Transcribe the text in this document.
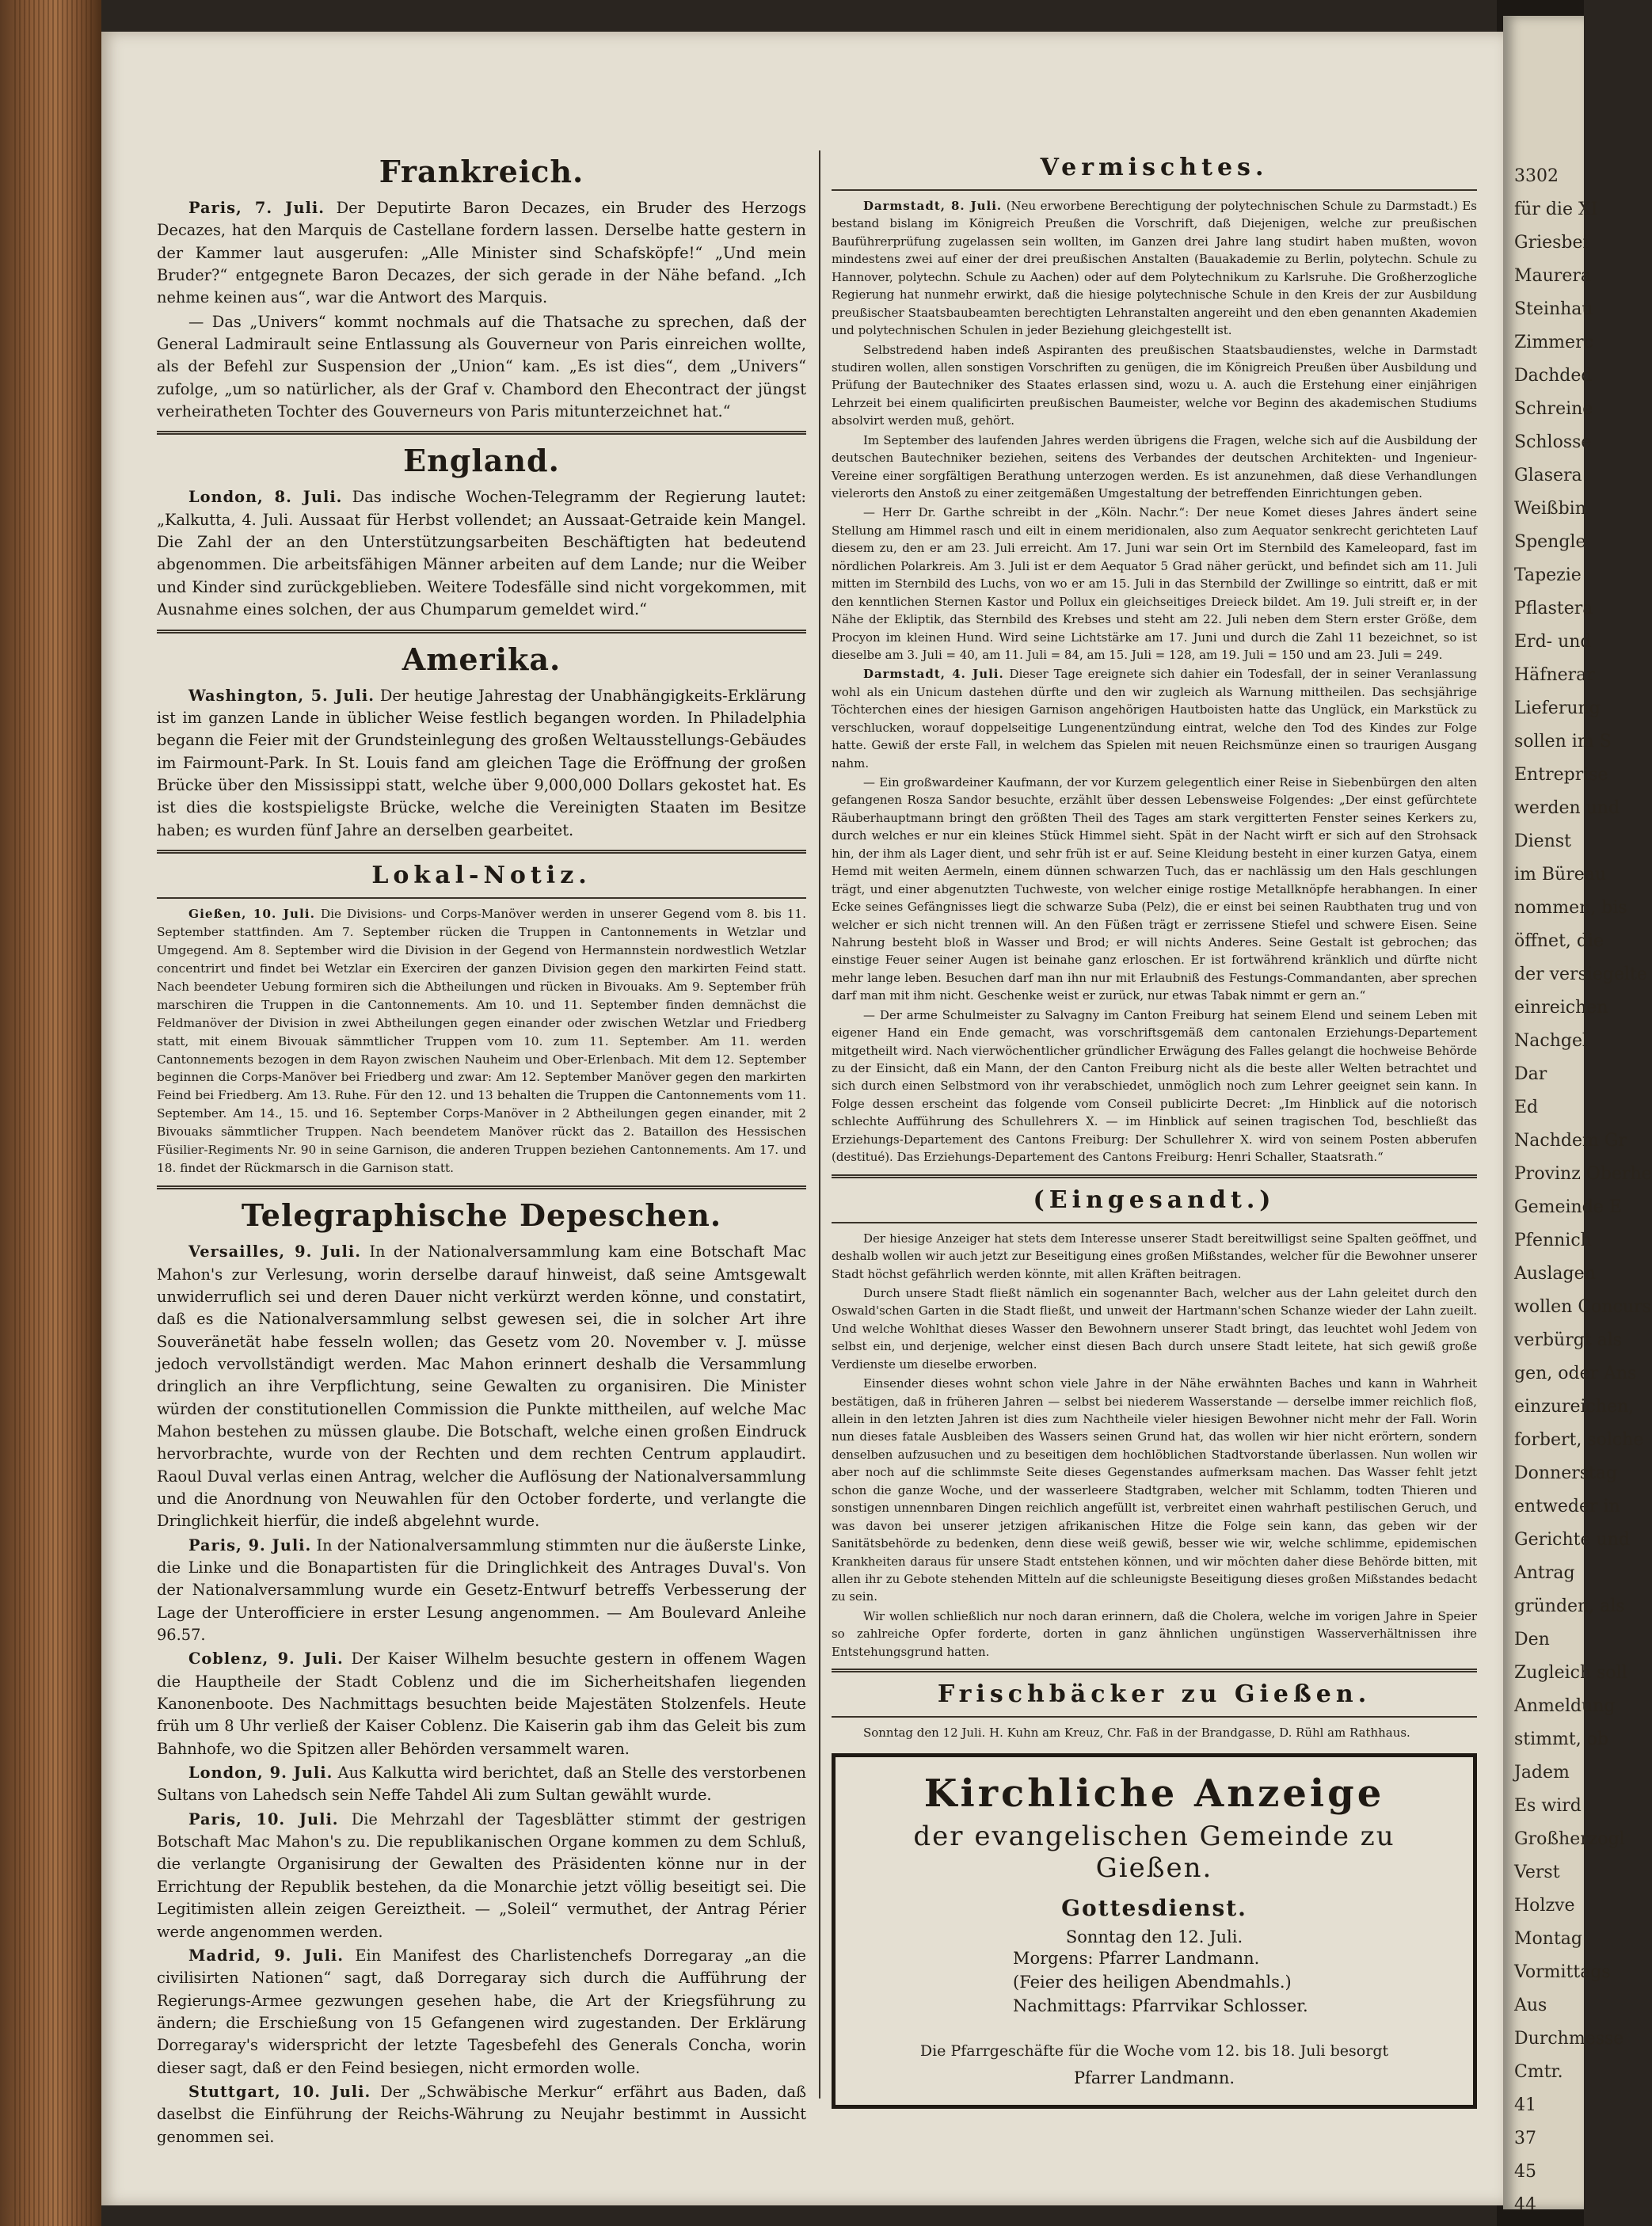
3302
für die XI
Griesbei
Maurera
Steinhau
Zimmerc
Dachded
Schreine
Schlosse
Glasera
Weißbin
Spengle
Tapezie
Pflastera
Erd- und
Häfnerar
Lieferung
sollen im S
Entreprise
werden und
Dienst
im Büreau
nommen, bis
öffnet, die
der versiegelte
einreichen
Nachgel
Dar
Ed
Nachdem Gr
Provinz Oberhe
Gemeinde E
Pfennich
Auslagen
wollen Concurs
verbürgt als
gen, oder Ans
einzureichen,
forbert, solche
Donnerstag
entweder in
Gerichte und
Antrag
gründen, als
Den
Zugleich soll
Anmeldung
stimmt, ob
Jadem
Es wird
Großherzogl
Verst
Holzve
Montag
Vormittags
Aus
Durchmesse
Cmtr.
41
37
45
44
Frankreich.

Paris, 7. Juli. Der Deputirte Baron Decazes, ein Bruder des Herzogs Decazes, hat den Marquis de Castellane fordern lassen. Derselbe hatte gestern in der Kammer laut ausgerufen: „Alle Minister sind Schafsköpfe!“ „Und mein Bruder?“ entgegnete Baron Decazes, der sich gerade in der Nähe befand. „Ich nehme keinen aus“, war die Antwort des Marquis.

— Das „Univers“ kommt nochmals auf die Thatsache zu sprechen, daß der General Ladmirault seine Entlassung als Gouverneur von Paris einreichen wollte, als der Befehl zur Suspension der „Union“ kam. „Es ist dies“, dem „Univers“ zufolge, „um so natürlicher, als der Graf v. Chambord den Ehecontract der jüngst verheiratheten Tochter des Gouverneurs von Paris mitunterzeichnet hat.“

England.

London, 8. Juli. Das indische Wochen-Telegramm der Regierung lautet: „Kalkutta, 4. Juli. Aussaat für Herbst vollendet; an Aussaat-Getraide kein Mangel. Die Zahl der an den Unterstützungsarbeiten Beschäftigten hat bedeutend abgenommen. Die arbeitsfähigen Männer arbeiten auf dem Lande; nur die Weiber und Kinder sind zurückgeblieben. Weitere Todesfälle sind nicht vorgekommen, mit Ausnahme eines solchen, der aus Chumparum gemeldet wird.“

Amerika.

Washington, 5. Juli. Der heutige Jahrestag der Unabhängigkeits-Erklärung ist im ganzen Lande in üblicher Weise festlich begangen worden. In Philadelphia begann die Feier mit der Grundsteinlegung des großen Weltausstellungs-Gebäudes im Fairmount-Park. In St. Louis fand am gleichen Tage die Eröffnung der großen Brücke über den Mississippi statt, welche über 9,000,000 Dollars gekostet hat. Es ist dies die kostspieligste Brücke, welche die Vereinigten Staaten im Besitze haben; es wurden fünf Jahre an derselben gearbeitet.

Lokal-Notiz.

Gießen, 10. Juli. Die Divisions- und Corps-Manöver werden in unserer Gegend vom 8. bis 11. September stattfinden. Am 7. September rücken die Truppen in Cantonnements in Wetzlar und Umgegend. Am 8. September wird die Division in der Gegend von Hermannstein nordwestlich Wetzlar concentrirt und findet bei Wetzlar ein Exerciren der ganzen Division gegen den markirten Feind statt. Nach beendeter Uebung formiren sich die Abtheilungen und rücken in Bivouaks. Am 9. September früh marschiren die Truppen in die Cantonnements. Am 10. und 11. September finden demnächst die Feldmanöver der Division in zwei Abtheilungen gegen einander oder zwischen Wetzlar und Friedberg statt, mit einem Bivouak sämmtlicher Truppen vom 10. zum 11. September. Am 11. werden Cantonnements bezogen in dem Rayon zwischen Nauheim und Ober-Erlenbach. Mit dem 12. September beginnen die Corps-Manöver bei Friedberg und zwar: Am 12. September Manöver gegen den markirten Feind bei Friedberg. Am 13. Ruhe. Für den 12. und 13 behalten die Truppen die Cantonnements vom 11. September. Am 14., 15. und 16. September Corps-Manöver in 2 Abtheilungen gegen einander, mit 2 Bivouaks sämmtlicher Truppen. Nach beendetem Manöver rückt das 2. Bataillon des Hessischen Füsilier-Regiments Nr. 90 in seine Garnison, die anderen Truppen beziehen Cantonnements. Am 17. und 18. findet der Rückmarsch in die Garnison statt.

Telegraphische Depeschen.

Versailles, 9. Juli. In der Nationalversammlung kam eine Botschaft Mac Mahon's zur Verlesung, worin derselbe darauf hinweist, daß seine Amtsgewalt unwiderruflich sei und deren Dauer nicht verkürzt werden könne, und constatirt, daß es die Nationalversammlung selbst gewesen sei, die in solcher Art ihre Souveränetät habe fesseln wollen; das Gesetz vom 20. November v. J. müsse jedoch vervollständigt werden. Mac Mahon erinnert deshalb die Versammlung dringlich an ihre Verpflichtung, seine Gewalten zu organisiren. Die Minister würden der constitutionellen Commission die Punkte mittheilen, auf welche Mac Mahon bestehen zu müssen glaube. Die Botschaft, welche einen großen Eindruck hervorbrachte, wurde von der Rechten und dem rechten Centrum applaudirt. Raoul Duval verlas einen Antrag, welcher die Auflösung der Nationalversammlung und die Anordnung von Neuwahlen für den October forderte, und verlangte die Dringlichkeit hierfür, die indeß abgelehnt wurde.

Paris, 9. Juli. In der Nationalversammlung stimmten nur die äußerste Linke, die Linke und die Bonapartisten für die Dringlichkeit des Antrages Duval's. Von der Nationalversammlung wurde ein Gesetz-Entwurf betreffs Verbesserung der Lage der Unterofficiere in erster Lesung angenommen. — Am Boulevard Anleihe 96.57.

Coblenz, 9. Juli. Der Kaiser Wilhelm besuchte gestern in offenem Wagen die Hauptheile der Stadt Coblenz und die im Sicherheitshafen liegenden Kanonenboote. Des Nachmittags besuchten beide Majestäten Stolzenfels. Heute früh um 8 Uhr verließ der Kaiser Coblenz. Die Kaiserin gab ihm das Geleit bis zum Bahnhofe, wo die Spitzen aller Behörden versammelt waren.

London, 9. Juli. Aus Kalkutta wird berichtet, daß an Stelle des verstorbenen Sultans von Lahedsch sein Neffe Tahdel Ali zum Sultan gewählt wurde.

Paris, 10. Juli. Die Mehrzahl der Tagesblätter stimmt der gestrigen Botschaft Mac Mahon's zu. Die republikanischen Organe kommen zu dem Schluß, die verlangte Organisirung der Gewalten des Präsidenten könne nur in der Errichtung der Republik bestehen, da die Monarchie jetzt völlig beseitigt sei. Die Legitimisten allein zeigen Gereiztheit. — „Soleil“ vermuthet, der Antrag Périer werde angenommen werden.

Madrid, 9. Juli. Ein Manifest des Charlistenchefs Dorregaray „an die civilisirten Nationen“ sagt, daß Dorregaray sich durch die Aufführung der Regierungs-Armee gezwungen gesehen habe, die Art der Kriegsführung zu ändern; die Erschießung von 15 Gefangenen wird zugestanden. Der Erklärung Dorregaray's widerspricht der letzte Tagesbefehl des Generals Concha, worin dieser sagt, daß er den Feind besiegen, nicht ermorden wolle.

Stuttgart, 10. Juli. Der „Schwäbische Merkur“ erfährt aus Baden, daß daselbst die Einführung der Reichs-Währung zu Neujahr bestimmt in Aussicht genommen sei.

Vermischtes.

Darmstadt, 8. Juli. (Neu erworbene Berechtigung der polytechnischen Schule zu Darmstadt.) Es bestand bislang im Königreich Preußen die Vorschrift, daß Diejenigen, welche zur preußischen Bauführerprüfung zugelassen sein wollten, im Ganzen drei Jahre lang studirt haben mußten, wovon mindestens zwei auf einer der drei preußischen Anstalten (Bauakademie zu Berlin, polytechn. Schule zu Hannover, polytechn. Schule zu Aachen) oder auf dem Polytechnikum zu Karlsruhe. Die Großherzogliche Regierung hat nunmehr erwirkt, daß die hiesige polytechnische Schule in den Kreis der zur Ausbildung preußischer Staatsbaubeamten berechtigten Lehranstalten angereiht und den eben genannten Akademien und polytechnischen Schulen in jeder Beziehung gleichgestellt ist.

Selbstredend haben indeß Aspiranten des preußischen Staatsbaudienstes, welche in Darmstadt studiren wollen, allen sonstigen Vorschriften zu genügen, die im Königreich Preußen über Ausbildung und Prüfung der Bautechniker des Staates erlassen sind, wozu u. A. auch die Erstehung einer einjährigen Lehrzeit bei einem qualificirten preußischen Baumeister, welche vor Beginn des akademischen Studiums absolvirt werden muß, gehört.

Im September des laufenden Jahres werden übrigens die Fragen, welche sich auf die Ausbildung der deutschen Bautechniker beziehen, seitens des Verbandes der deutschen Architekten- und Ingenieur-Vereine einer sorgfältigen Berathung unterzogen werden. Es ist anzunehmen, daß diese Verhandlungen vielerorts den Anstoß zu einer zeitgemäßen Umgestaltung der betreffenden Einrichtungen geben.

— Herr Dr. Garthe schreibt in der „Köln. Nachr.“: Der neue Komet dieses Jahres ändert seine Stellung am Himmel rasch und eilt in einem meridionalen, also zum Aequator senkrecht gerichteten Lauf diesem zu, den er am 23. Juli erreicht. Am 17. Juni war sein Ort im Sternbild des Kameleopard, fast im nördlichen Polarkreis. Am 3. Juli ist er dem Aequator 5 Grad näher gerückt, und befindet sich am 11. Juli mitten im Sternbild des Luchs, von wo er am 15. Juli in das Sternbild der Zwillinge so eintritt, daß er mit den kenntlichen Sternen Kastor und Pollux ein gleichseitiges Dreieck bildet. Am 19. Juli streift er, in der Nähe der Ekliptik, das Sternbild des Krebses und steht am 22. Juli neben dem Stern erster Größe, dem Procyon im kleinen Hund. Wird seine Lichtstärke am 17. Juni und durch die Zahl 11 bezeichnet, so ist dieselbe am 3. Juli = 40, am 11. Juli = 84, am 15. Juli = 128, am 19. Juli = 150 und am 23. Juli = 249.

Darmstadt, 4. Juli. Dieser Tage ereignete sich dahier ein Todesfall, der in seiner Veranlassung wohl als ein Unicum dastehen dürfte und den wir zugleich als Warnung mittheilen. Das sechsjährige Töchterchen eines der hiesigen Garnison angehörigen Hautboisten hatte das Unglück, ein Markstück zu verschlucken, worauf doppelseitige Lungenentzündung eintrat, welche den Tod des Kindes zur Folge hatte. Gewiß der erste Fall, in welchem das Spielen mit neuen Reichsmünze einen so traurigen Ausgang nahm.

— Ein großwardeiner Kaufmann, der vor Kurzem gelegentlich einer Reise in Siebenbürgen den alten gefangenen Rosza Sandor besuchte, erzählt über dessen Lebensweise Folgendes: „Der einst gefürchtete Räuberhauptmann bringt den größten Theil des Tages am stark vergitterten Fenster seines Kerkers zu, durch welches er nur ein kleines Stück Himmel sieht. Spät in der Nacht wirft er sich auf den Strohsack hin, der ihm als Lager dient, und sehr früh ist er auf. Seine Kleidung besteht in einer kurzen Gatya, einem Hemd mit weiten Aermeln, einem dünnen schwarzen Tuch, das er nachlässig um den Hals geschlungen trägt, und einer abgenutzten Tuchweste, von welcher einige rostige Metallknöpfe herabhangen. In einer Ecke seines Gefängnisses liegt die schwarze Suba (Pelz), die er einst bei seinen Raubthaten trug und von welcher er sich nicht trennen will. An den Füßen trägt er zerrissene Stiefel und schwere Eisen. Seine Nahrung besteht bloß in Wasser und Brod; er will nichts Anderes. Seine Gestalt ist gebrochen; das einstige Feuer seiner Augen ist beinahe ganz erloschen. Er ist fortwährend kränklich und dürfte nicht mehr lange leben. Besuchen darf man ihn nur mit Erlaubniß des Festungs-Commandanten, aber sprechen darf man mit ihm nicht. Geschenke weist er zurück, nur etwas Tabak nimmt er gern an.“

— Der arme Schulmeister zu Salvagny im Canton Freiburg hat seinem Elend und seinem Leben mit eigener Hand ein Ende gemacht, was vorschriftsgemäß dem cantonalen Erziehungs-Departement mitgetheilt wird. Nach vierwöchentlicher gründlicher Erwägung des Falles gelangt die hochweise Behörde zu der Einsicht, daß ein Mann, der den Canton Freiburg nicht als die beste aller Welten betrachtet und sich durch einen Selbstmord von ihr verabschiedet, unmöglich noch zum Lehrer geeignet sein kann. In Folge dessen erscheint das folgende vom Conseil publicirte Decret: „Im Hinblick auf die notorisch schlechte Aufführung des Schullehrers X. — im Hinblick auf seinen tragischen Tod, beschließt das Erziehungs-Departement des Cantons Freiburg: Der Schullehrer X. wird von seinem Posten abberufen (destitué). Das Erziehungs-Departement des Cantons Freiburg: Henri Schaller, Staatsrath.“

(Eingesandt.)

Der hiesige Anzeiger hat stets dem Interesse unserer Stadt bereitwilligst seine Spalten geöffnet, und deshalb wollen wir auch jetzt zur Beseitigung eines großen Mißstandes, welcher für die Bewohner unserer Stadt höchst gefährlich werden könnte, mit allen Kräften beitragen.

Durch unsere Stadt fließt nämlich ein sogenannter Bach, welcher aus der Lahn geleitet durch den Oswald'schen Garten in die Stadt fließt, und unweit der Hartmann'schen Schanze wieder der Lahn zueilt. Und welche Wohlthat dieses Wasser den Bewohnern unserer Stadt bringt, das leuchtet wohl Jedem von selbst ein, und derjenige, welcher einst diesen Bach durch unsere Stadt leitete, hat sich gewiß große Verdienste um dieselbe erworben.

Einsender dieses wohnt schon viele Jahre in der Nähe erwähnten Baches und kann in Wahrheit bestätigen, daß in früheren Jahren — selbst bei niederem Wasserstande — derselbe immer reichlich floß, allein in den letzten Jahren ist dies zum Nachtheile vieler hiesigen Bewohner nicht mehr der Fall. Worin nun dieses fatale Ausbleiben des Wassers seinen Grund hat, das wollen wir hier nicht erörtern, sondern denselben aufzusuchen und zu beseitigen dem hochlöblichen Stadtvorstande überlassen. Nun wollen wir aber noch auf die schlimmste Seite dieses Gegenstandes aufmerksam machen. Das Wasser fehlt jetzt schon die ganze Woche, und der wasserleere Stadtgraben, welcher mit Schlamm, todten Thieren und sonstigen unnennbaren Dingen reichlich angefüllt ist, verbreitet einen wahrhaft pestilischen Geruch, und was davon bei unserer jetzigen afrikanischen Hitze die Folge sein kann, das geben wir der Sanitätsbehörde zu bedenken, denn diese weiß gewiß, besser wie wir, welche schlimme, epidemischen Krankheiten daraus für unsere Stadt entstehen können, und wir möchten daher diese Behörde bitten, mit allen ihr zu Gebote stehenden Mitteln auf die schleunigste Beseitigung dieses großen Mißstandes bedacht zu sein.

Wir wollen schließlich nur noch daran erinnern, daß die Cholera, welche im vorigen Jahre in Speier so zahlreiche Opfer forderte, dorten in ganz ähnlichen ungünstigen Wasserverhältnissen ihre Entstehungsgrund hatten.

Frischbäcker zu Gießen.

Sonntag den 12 Juli. H. Kuhn am Kreuz, Chr. Faß in der Brandgasse, D. Rühl am Rathhaus.

Kirchliche Anzeige
der evangelischen Gemeinde zu Gießen.
Gottesdienst.
Sonntag den 12. Juli.
Morgens: Pfarrer Landmann.
(Feier des heiligen Abendmahls.)
Nachmittags: Pfarrvikar Schlosser.
Die Pfarrgeschäfte für die Woche vom 12. bis 18. Juli besorgt
Pfarrer Landmann.
